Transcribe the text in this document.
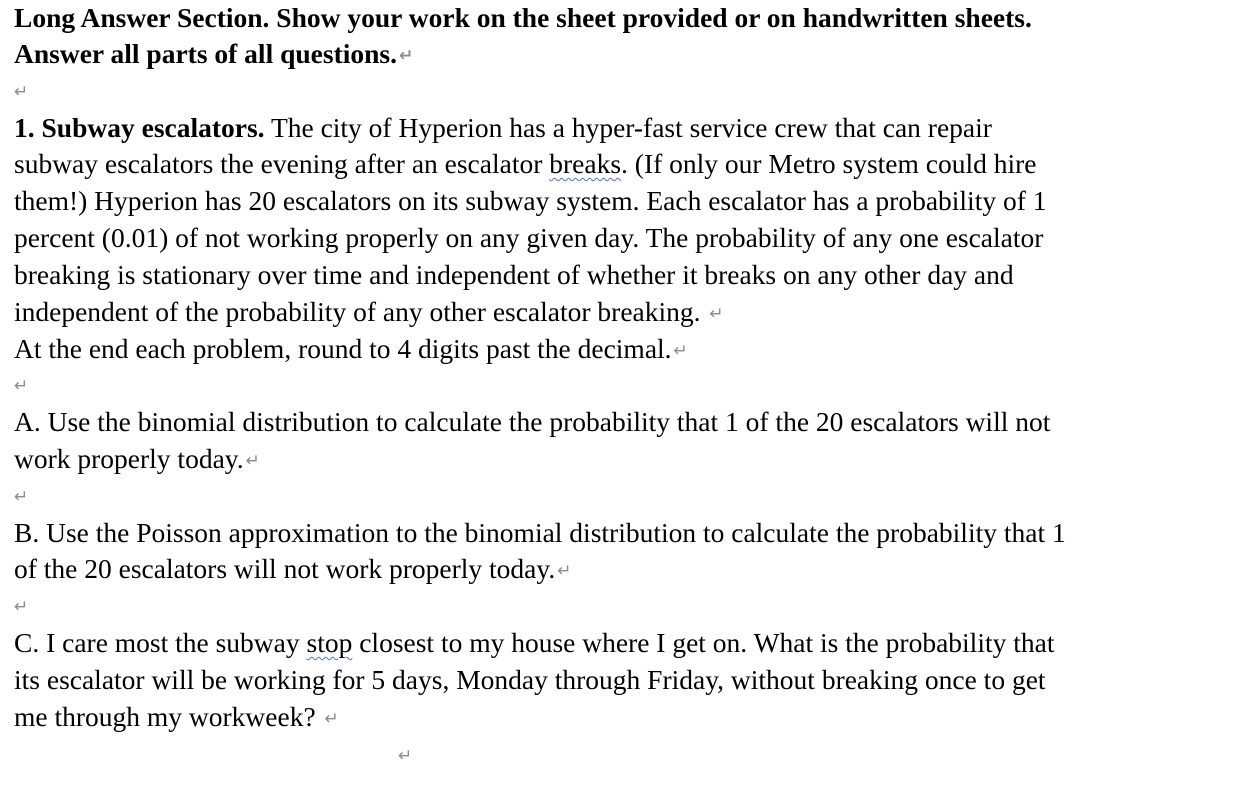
Long Answer Section. Show your work on the sheet provided or on handwritten sheets.
Answer all parts of all questions. ↵
↵
1. Subway escalators. The city of Hyperion has a hyper-fast service crew that can repair
subway escalators the evening after an escalator breaks. (If only our Metro system could hire
them!) Hyperion has 20 escalators on its subway system. Each escalator has a probability of 1
percent (0.01) of not working properly on any given day. The probability of any one escalator
breaking is stationary over time and independent of whether it breaks on any other day and
independent of the probability of any other escalator breaking. ↵
At the end each problem, round to 4 digits past the decimal. ↵
↵
A. Use the binomial distribution to calculate the probability that 1 of the 20 escalators will not
work properly today. ↵
↵
B. Use the Poisson approximation to the binomial distribution to calculate the probability that 1
of the 20 escalators will not work properly today. ↵
↵
C. I care most the subway stop closest to my house where I get on. What is the probability that
its escalator will be working for 5 days, Monday through Friday, without breaking once to get
me through my workweek? ↵
↵
